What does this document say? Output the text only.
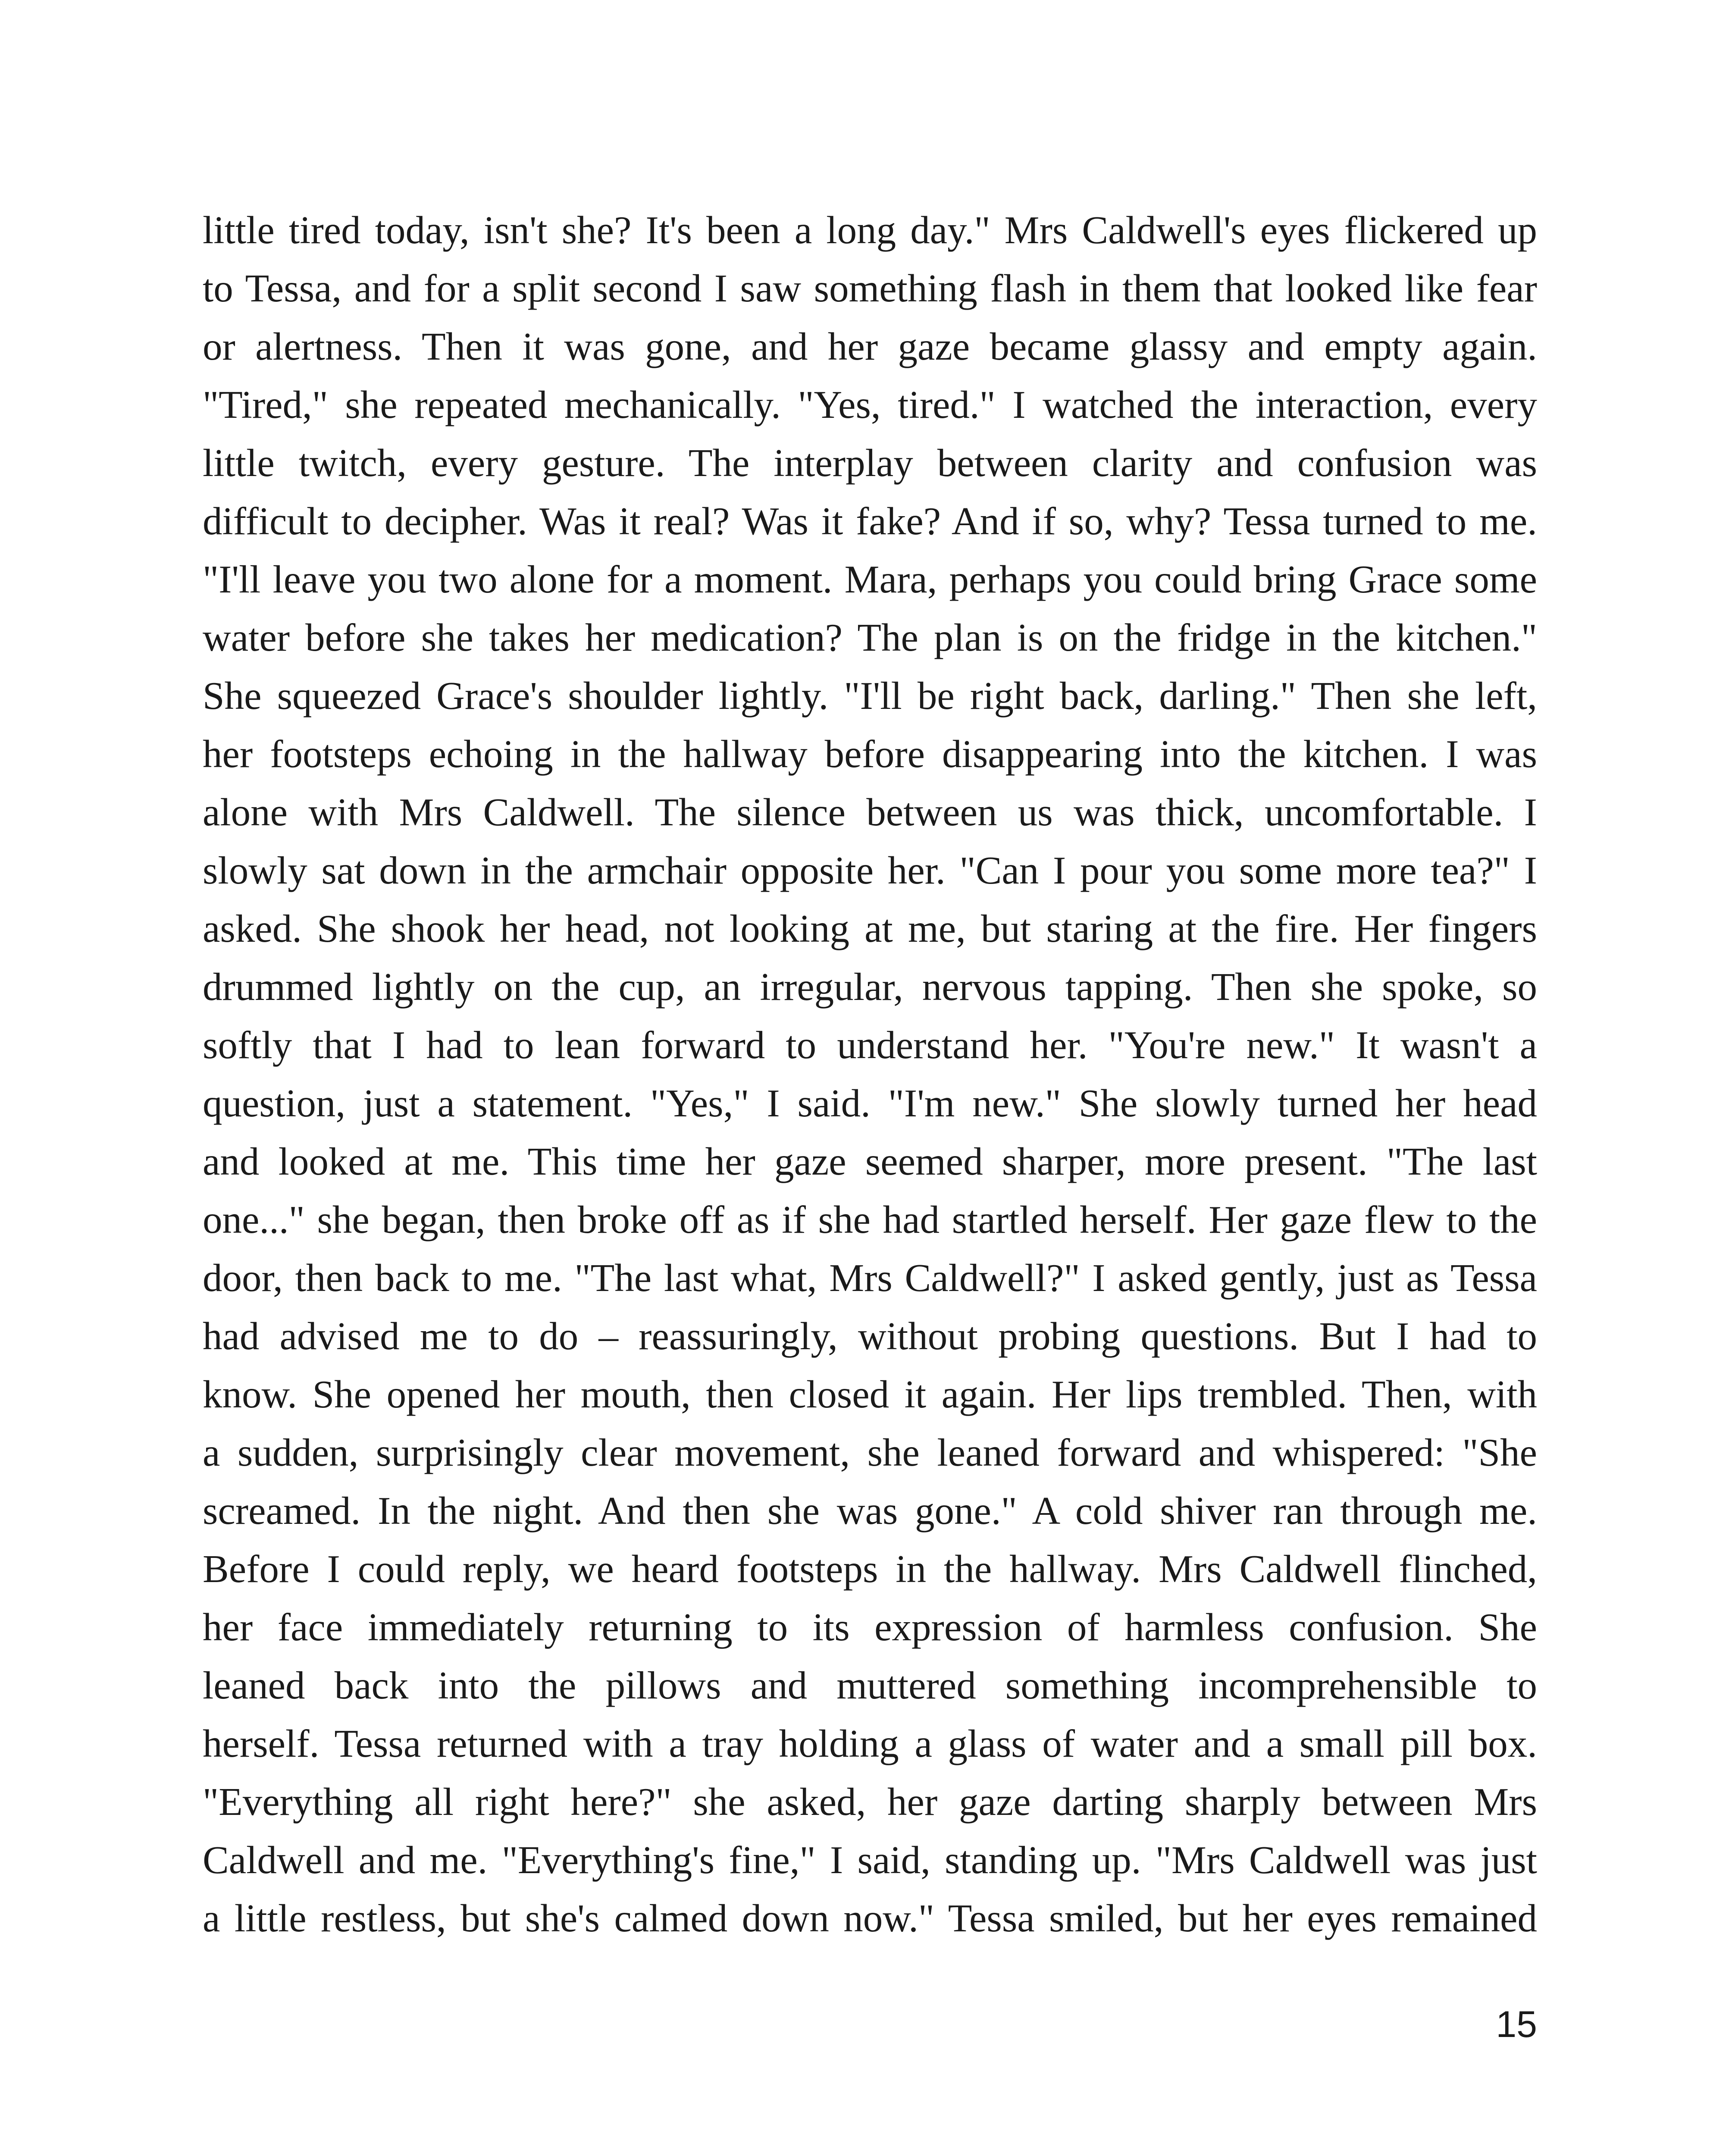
little tired today, isn't she? It's been a long day." Mrs Caldwell's eyes flickered up
to Tessa, and for a split second I saw something flash in them that looked like fear
or alertness. Then it was gone, and her gaze became glassy and empty again.
"Tired," she repeated mechanically. "Yes, tired." I watched the interaction, every
little twitch, every gesture. The interplay between clarity and confusion was
difficult to decipher. Was it real? Was it fake? And if so, why? Tessa turned to me.
"I'll leave you two alone for a moment. Mara, perhaps you could bring Grace some
water before she takes her medication? The plan is on the fridge in the kitchen."
She squeezed Grace's shoulder lightly. "I'll be right back, darling." Then she left,
her footsteps echoing in the hallway before disappearing into the kitchen. I was
alone with Mrs Caldwell. The silence between us was thick, uncomfortable. I
slowly sat down in the armchair opposite her. "Can I pour you some more tea?" I
asked. She shook her head, not looking at me, but staring at the fire. Her fingers
drummed lightly on the cup, an irregular, nervous tapping. Then she spoke, so
softly that I had to lean forward to understand her. "You're new." It wasn't a
question, just a statement. "Yes," I said. "I'm new." She slowly turned her head
and looked at me. This time her gaze seemed sharper, more present. "The last
one..." she began, then broke off as if she had startled herself. Her gaze flew to the
door, then back to me. "The last what, Mrs Caldwell?" I asked gently, just as Tessa
had advised me to do – reassuringly, without probing questions. But I had to
know. She opened her mouth, then closed it again. Her lips trembled. Then, with
a sudden, surprisingly clear movement, she leaned forward and whispered: "She
screamed. In the night. And then she was gone." A cold shiver ran through me.
Before I could reply, we heard footsteps in the hallway. Mrs Caldwell flinched,
her face immediately returning to its expression of harmless confusion. She
leaned back into the pillows and muttered something incomprehensible to
herself. Tessa returned with a tray holding a glass of water and a small pill box.
"Everything all right here?" she asked, her gaze darting sharply between Mrs
Caldwell and me. "Everything's fine," I said, standing up. "Mrs Caldwell was just
a little restless, but she's calmed down now." Tessa smiled, but her eyes remained
15
